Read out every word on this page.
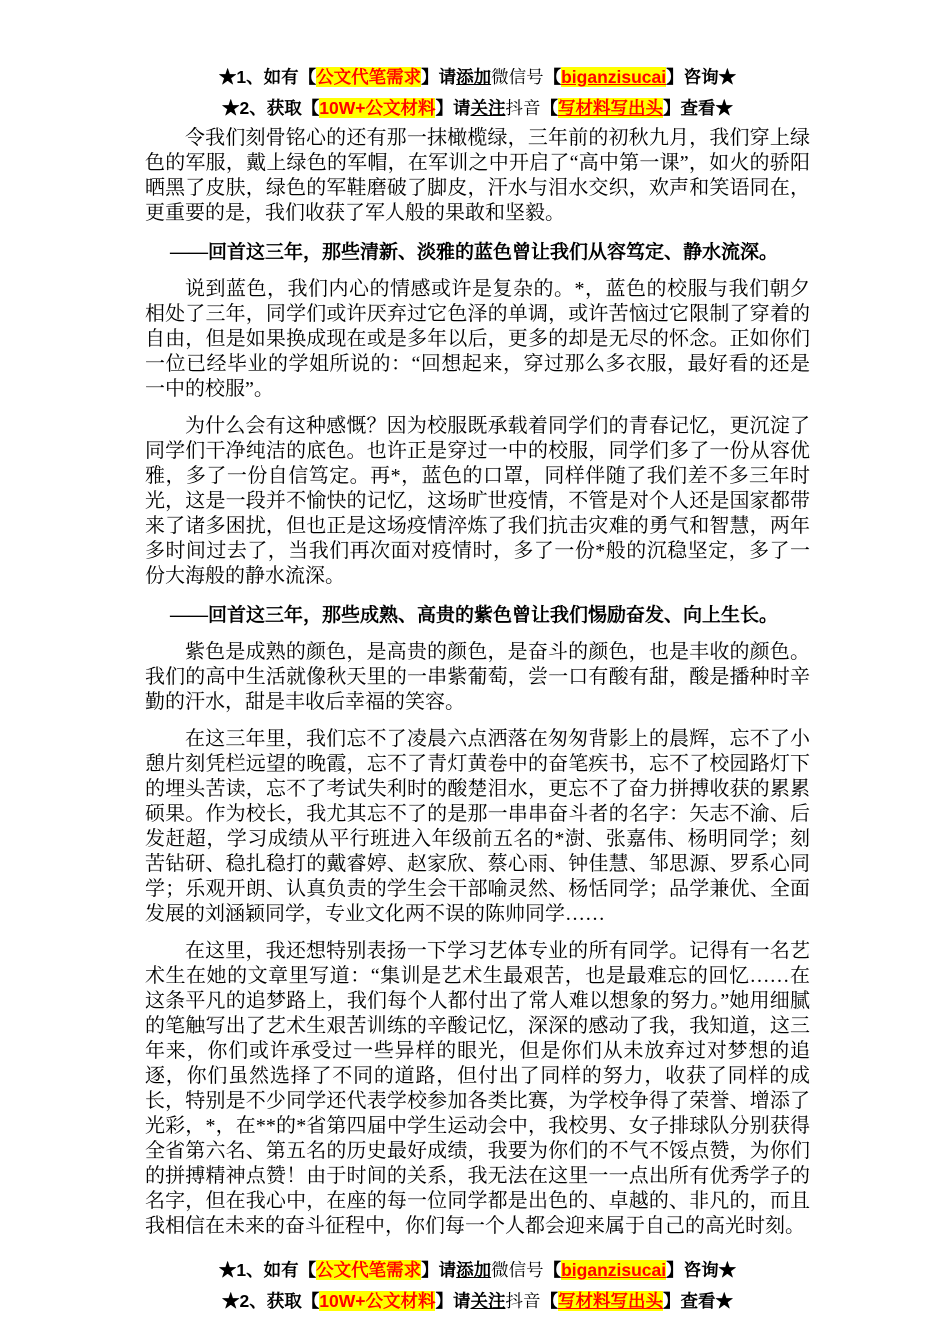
★1、如有【公文代笔需求】请添加微信号【biganzisucai】咨询★

★2、获取【10W+公文材料】请关注抖音【写材料写出头】查看★

令我们刻骨铭心的还有那一抹橄榄绿，三年前的初秋九月，我们穿上绿色的军服，戴上绿色的军帽，在军训之中开启了“高中第一课”，如火的骄阳晒黑了皮肤，绿色的军鞋磨破了脚皮，汗水与泪水交织，欢声和笑语同在，更重要的是，我们收获了军人般的果敢和坚毅。

——回首这三年，那些清新、淡雅的蓝色曾让我们从容笃定、静水流深。

说到蓝色，我们内心的情感或许是复杂的。*，蓝色的校服与我们朝夕相处了三年，同学们或许厌弃过它色泽的单调，或许苦恼过它限制了穿着的自由，但是如果换成现在或是多年以后，更多的却是无尽的怀念。正如你们一位已经毕业的学姐所说的：“回想起来，穿过那么多衣服，最好看的还是一中的校服”。

为什么会有这种感慨？因为校服既承载着同学们的青春记忆，更沉淀了同学们干净纯洁的底色。也许正是穿过一中的校服，同学们多了一份从容优雅，多了一份自信笃定。再*，蓝色的口罩，同样伴随了我们差不多三年时光，这是一段并不愉快的记忆，这场旷世疫情，不管是对个人还是国家都带来了诸多困扰，但也正是这场疫情淬炼了我们抗击灾难的勇气和智慧，两年多时间过去了，当我们再次面对疫情时，多了一份*般的沉稳坚定，多了一份大海般的静水流深。

——回首这三年，那些成熟、高贵的紫色曾让我们惕励奋发、向上生长。

紫色是成熟的颜色，是高贵的颜色，是奋斗的颜色，也是丰收的颜色。我们的高中生活就像秋天里的一串紫葡萄，尝一口有酸有甜，酸是播种时辛勤的汗水，甜是丰收后幸福的笑容。

在这三年里，我们忘不了凌晨六点洒落在匆匆背影上的晨辉，忘不了小憩片刻凭栏远望的晚霞，忘不了青灯黄卷中的奋笔疾书，忘不了校园路灯下的埋头苦读，忘不了考试失利时的酸楚泪水，更忘不了奋力拼搏收获的累累硕果。作为校长，我尤其忘不了的是那一串串奋斗者的名字：矢志不渝、后发赶超，学习成绩从平行班进入年级前五名的*澍、张嘉伟、杨明同学；刻苦钻研、稳扎稳打的戴睿婷、赵家欣、蔡心雨、钟佳慧、邹思源、罗系心同学；乐观开朗、认真负责的学生会干部喻灵然、杨恬同学；品学兼优、全面发展的刘涵颖同学，专业文化两不误的陈帅同学……

在这里，我还想特别表扬一下学习艺体专业的所有同学。记得有一名艺术生在她的文章里写道：“集训是艺术生最艰苦，也是最难忘的回忆……在这条平凡的追梦路上，我们每个人都付出了常人难以想象的努力。”她用细腻的笔触写出了艺术生艰苦训练的辛酸记忆，深深的感动了我，我知道，这三年来，你们或许承受过一些异样的眼光，但是你们从未放弃过对梦想的追逐，你们虽然选择了不同的道路，但付出了同样的努力，收获了同样的成长，特别是不少同学还代表学校参加各类比赛，为学校争得了荣誉、增添了光彩，*，在**的*省第四届中学生运动会中，我校男、女子排球队分别获得全省第六名、第五名的历史最好成绩，我要为你们的不气不馁点赞，为你们的拼搏精神点赞！由于时间的关系，我无法在这里一一点出所有优秀学子的名字，但在我心中，在座的每一位同学都是出色的、卓越的、非凡的，而且我相信在未来的奋斗征程中，你们每一个人都会迎来属于自己的高光时刻。

★1、如有【公文代笔需求】请添加微信号【biganzisucai】咨询★

★2、获取【10W+公文材料】请关注抖音【写材料写出头】查看★
